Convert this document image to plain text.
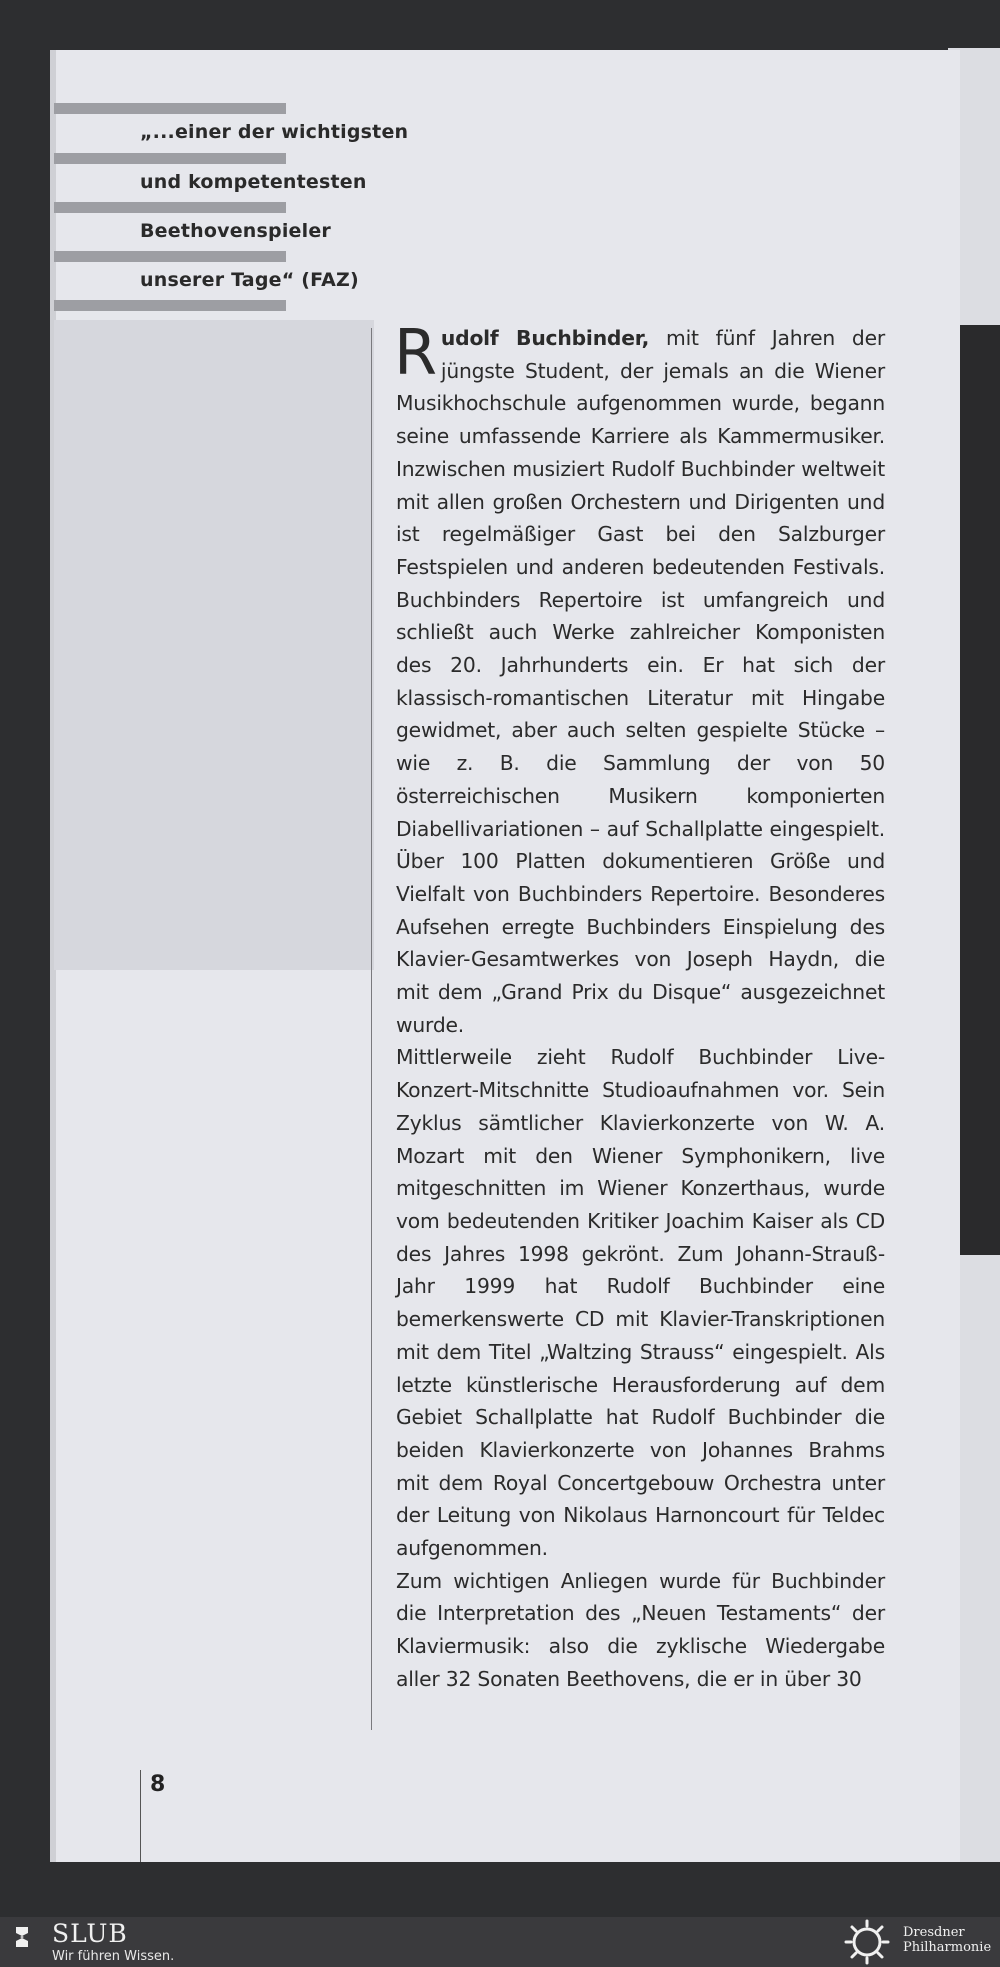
„...einer der wichtigsten
und kompetentesten
Beethovenspieler
unserer Tage“ (FAZ)

Rudolf Buchbinder, mit fünf Jahren der jüngste Student, der jemals an die Wiener Musikhochschule aufgenommen wurde, begann seine umfassende Karriere als Kammermusiker. Inzwischen musiziert Rudolf Buchbinder weltweit mit allen großen Orchestern und Dirigenten und ist regelmäßiger Gast bei den Salzburger Festspielen und anderen bedeutenden Festivals.

Buchbinders Repertoire ist umfangreich und schließt auch Werke zahlreicher Komponisten des 20. Jahrhunderts ein. Er hat sich der klassisch-romantischen Literatur mit Hingabe gewidmet, aber auch selten gespielte Stücke – wie z. B. die Sammlung der von 50 österreichischen Musikern komponierten Diabellivariationen – auf Schallplatte eingespielt. Über 100 Platten dokumentieren Größe und Vielfalt von Buchbinders Repertoire. Besonderes Aufsehen erregte Buchbinders Einspielung des Klavier-Gesamtwerkes von Joseph Haydn, die mit dem „Grand Prix du Disque“ ausgezeichnet wurde.

Mittlerweile zieht Rudolf Buchbinder Live-Konzert-Mitschnitte Studioaufnahmen vor. Sein Zyklus sämtlicher Klavierkonzerte von W. A. Mozart mit den Wiener Symphonikern, live mitgeschnitten im Wiener Konzerthaus, wurde vom bedeutenden Kritiker Joachim Kaiser als CD des Jahres 1998 gekrönt. Zum Johann-Strauß-Jahr 1999 hat Rudolf Buchbinder eine bemerkenswerte CD mit Klavier-Transkriptionen mit dem Titel „Waltzing Strauss“ eingespielt. Als letzte künstlerische Herausforderung auf dem Gebiet Schallplatte hat Rudolf Buchbinder die beiden Klavierkonzerte von Johannes Brahms mit dem Royal Concertgebouw Orchestra unter der Leitung von Nikolaus Harnoncourt für Teldec aufgenommen.

Zum wichtigen Anliegen wurde für Buchbinder die Interpretation des „Neuen Testaments“ der Klaviermusik: also die zyklische Wiedergabe aller 32 Sonaten Beethovens, die er in über 30

8
SLUB
Wir führen Wissen.
Dresdner
Philharmonie
